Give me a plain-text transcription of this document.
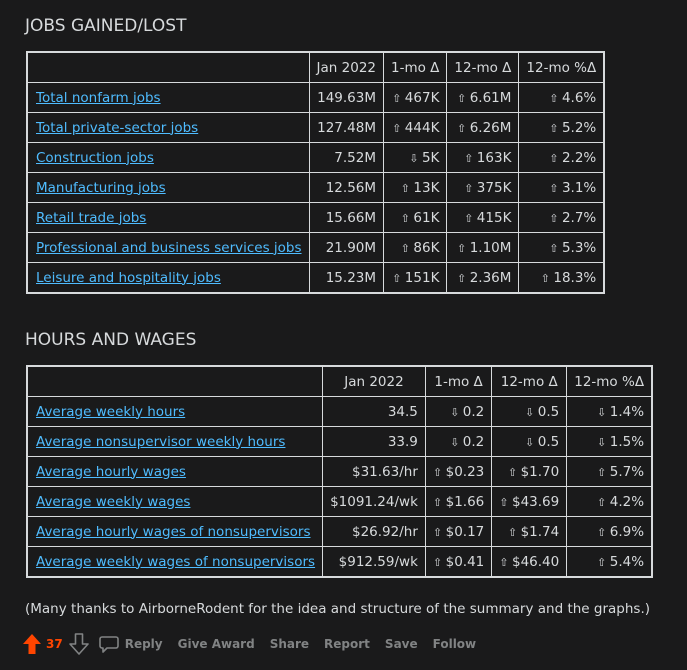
JOBS GAINED/LOST
	Jan 2022	1-mo Δ	12-mo Δ	12-mo %Δ
Total nonfarm jobs	149.63M	⇧ 467K	⇧ 6.61M	⇧ 4.6%
Total private-sector jobs	127.48M	⇧ 444K	⇧ 6.26M	⇧ 5.2%
Construction jobs	7.52M	⇩ 5K	⇧ 163K	⇧ 2.2%
Manufacturing jobs	12.56M	⇧ 13K	⇧ 375K	⇧ 3.1%
Retail trade jobs	15.66M	⇧ 61K	⇧ 415K	⇧ 2.7%
Professional and business services jobs	21.90M	⇧ 86K	⇧ 1.10M	⇧ 5.3%
Leisure and hospitality jobs	15.23M	⇧ 151K	⇧ 2.36M	⇧ 18.3%
HOURS AND WAGES
	Jan 2022	1-mo Δ	12-mo Δ	12-mo %Δ
Average weekly hours	34.5	⇩ 0.2	⇩ 0.5	⇩ 1.4%
Average nonsupervisor weekly hours	33.9	⇩ 0.2	⇩ 0.5	⇩ 1.5%
Average hourly wages	$31.63/hr	⇧ $0.23	⇧ $1.70	⇧ 5.7%
Average weekly wages	$1091.24/wk	⇧ $1.66	⇧ $43.69	⇧ 4.2%
Average hourly wages of nonsupervisors	$26.92/hr	⇧ $0.17	⇧ $1.74	⇧ 6.9%
Average weekly wages of nonsupervisors	$912.59/wk	⇧ $0.41	⇧ $46.40	⇧ 5.4%

(Many thanks to AirborneRodent for the idea and structure of the summary and the graphs.)

37	Reply Give Award Share Report Save Follow
